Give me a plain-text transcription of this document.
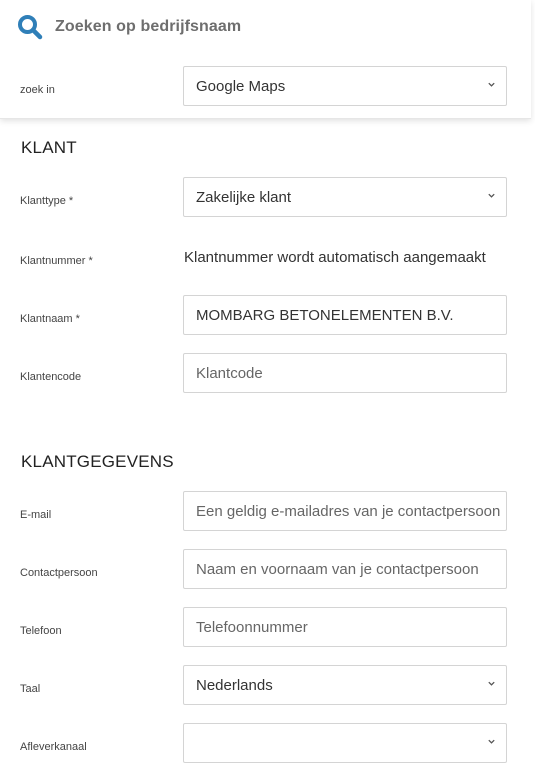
Zoeken op bedrijfsnaam
zoek in	Google Maps
KLANT
Klanttype *	Zakelijke klant
Klantnummer *	Klantnummer wordt automatisch aangemaakt
Klantnaam *	MOMBARG BETONELEMENTEN B.V.
Klantencode	Klantcode
KLANTGEGEVENS
E-mail	Een geldig e-mailadres van je contactpersoon
Contactpersoon	Naam en voornaam van je contactpersoon
Telefoon	Telefoonnummer
Taal	Nederlands
Afleverkanaal
